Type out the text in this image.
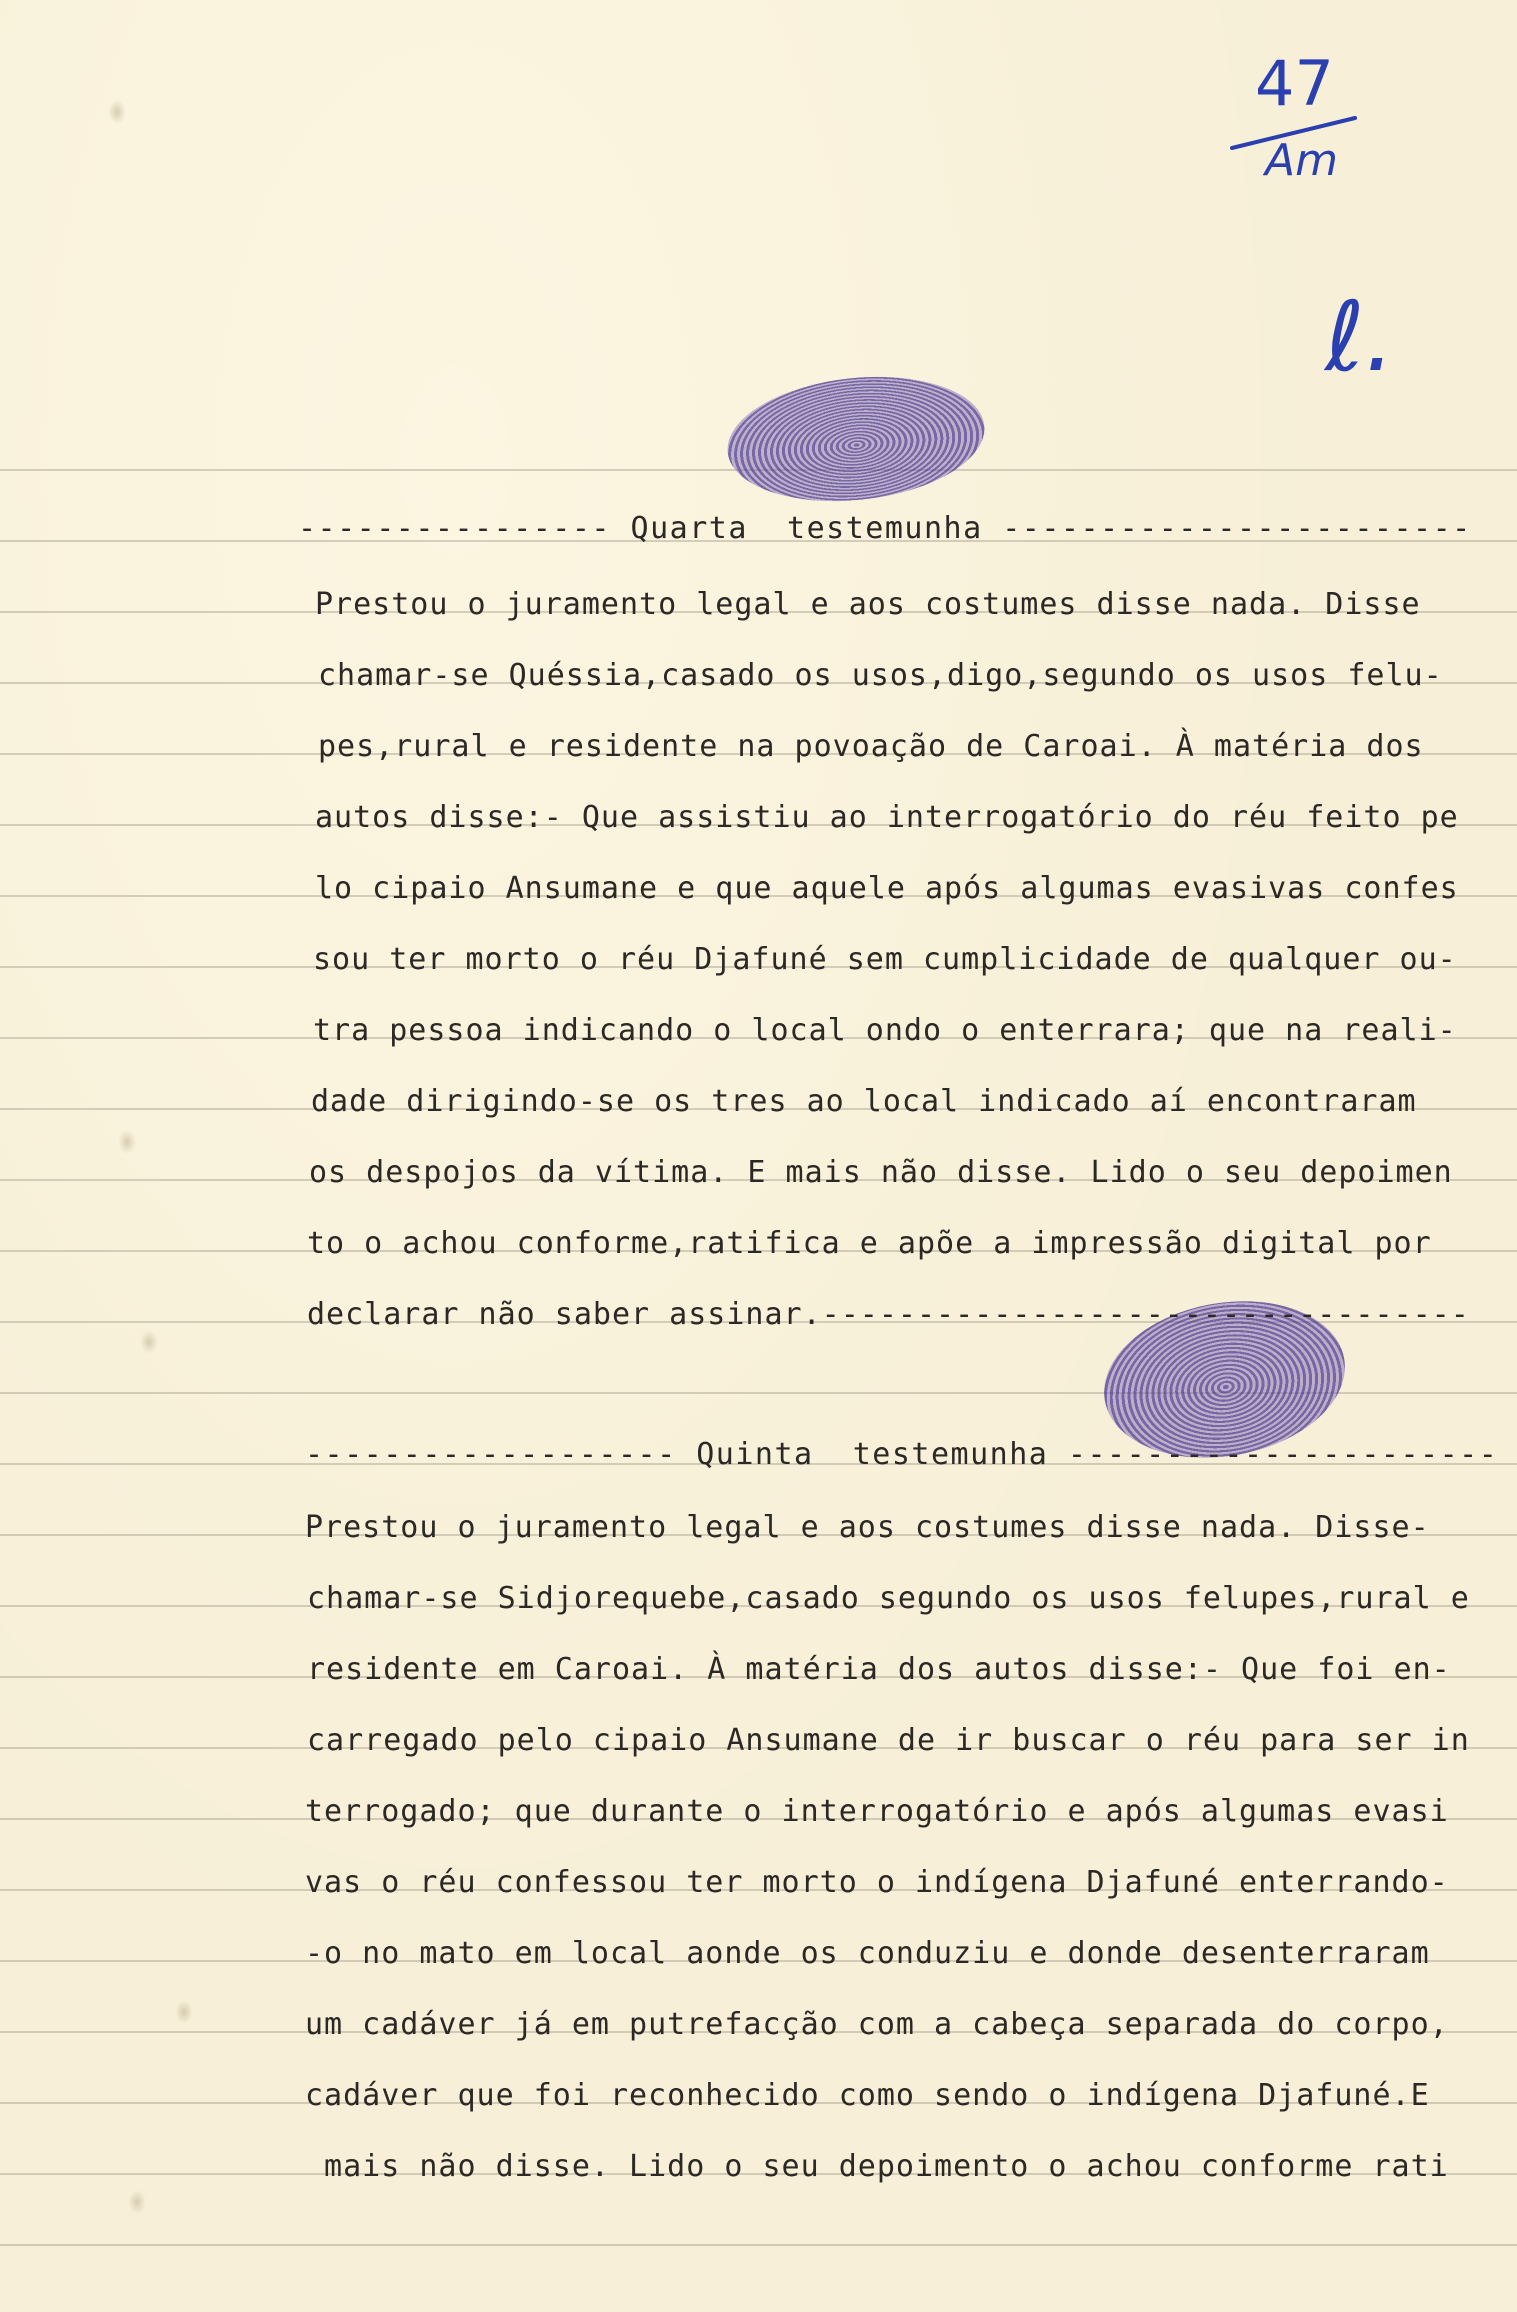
47
Am
ℓ.
---------------- Quarta  testemunha ------------------------
Prestou o juramento legal e aos costumes disse nada. Disse
chamar-se Quéssia,casado os usos,digo,segundo os usos felu-
pes,rural e residente na povoação de Caroai. À matéria dos
autos disse:- Que assistiu ao interrogatório do réu feito pe
lo cipaio Ansumane e que aquele após algumas evasivas confes
sou ter morto o réu Djafuné sem cumplicidade de qualquer ou-
tra pessoa indicando o local ondo o enterrara; que na reali-
dade dirigindo-se os tres ao local indicado aí encontraram
os despojos da vítima. E mais não disse. Lido o seu depoimen
to o achou conforme,ratifica e apõe a impressão digital por
declarar não saber assinar.----------------------------------
------------------- Quinta  testemunha ----------------------
Prestou o juramento legal e aos costumes disse nada. Disse-
chamar-se Sidjorequebe,casado segundo os usos felupes,rural e
residente em Caroai. À matéria dos autos disse:- Que foi en-
carregado pelo cipaio Ansumane de ir buscar o réu para ser in
terrogado; que durante o interrogatório e após algumas evasi
vas o réu confessou ter morto o indígena Djafuné enterrando-
-o no mato em local aonde os conduziu e donde desenterraram
um cadáver já em putrefacção com a cabeça separada do corpo,
cadáver que foi reconhecido como sendo o indígena Djafuné.E
mais não disse. Lido o seu depoimento o achou conforme rati
